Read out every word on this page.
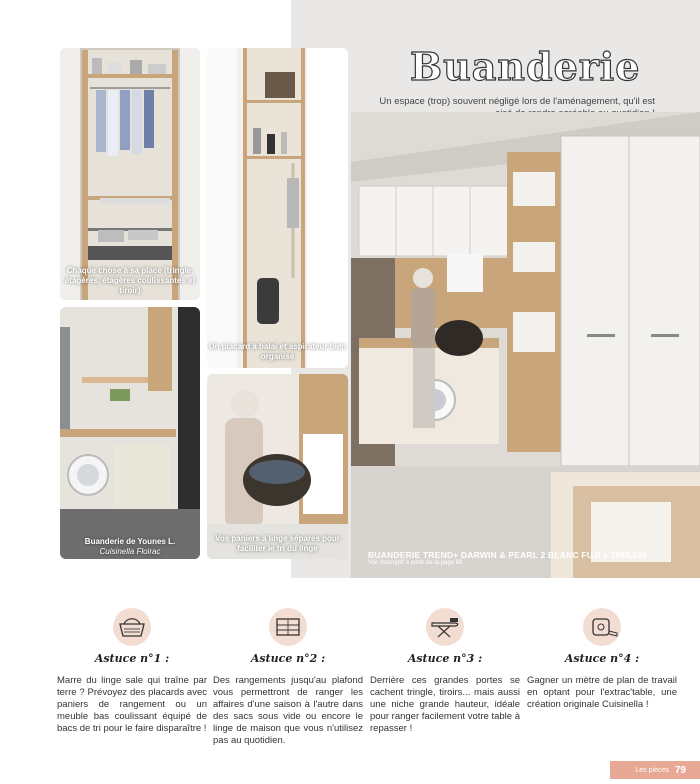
Chaque chose à sa place (tringle, étagères, étagères coulissantes et tiroir)
Un placard à balai et aspirateur bien organisé
Buanderie de Younes L.
Cuisinella Floirac
Vos paniers à linge séparés pour faciliter le tri du linge
Buanderie
Un espace (trop) souvent négligé lors de l'aménagement, qu'il est
BUANDERIE TREND+ DARWIN & PEARL 2 BLANC FUJI à 2968,59€
Voir descriptif à partir de la page 88
Astuce n°1 :
Marre du linge sale qui traîne par terre ? Prévoyez des placards avec paniers de rangement ou un meuble bas coulissant équipé de bacs de tri pour le faire disparaître !
Astuce n°2 :
Des rangements jusqu'au plafond vous permettront de ranger les affaires d'une saison à l'autre dans des sacs sous vide ou encore le linge de maison que vous n'utilisez pas au quotidien.
Astuce n°3 :
Derrière ces grandes portes se cachent tringle, tiroirs... mais aussi une niche grande hauteur, idéale pour ranger facilement votre table à repasser !
Astuce n°4 :
Gagner un mètre de plan de travail en optant pour l'extrac'table, une création originale Cuisinella !
Les pièces 79
